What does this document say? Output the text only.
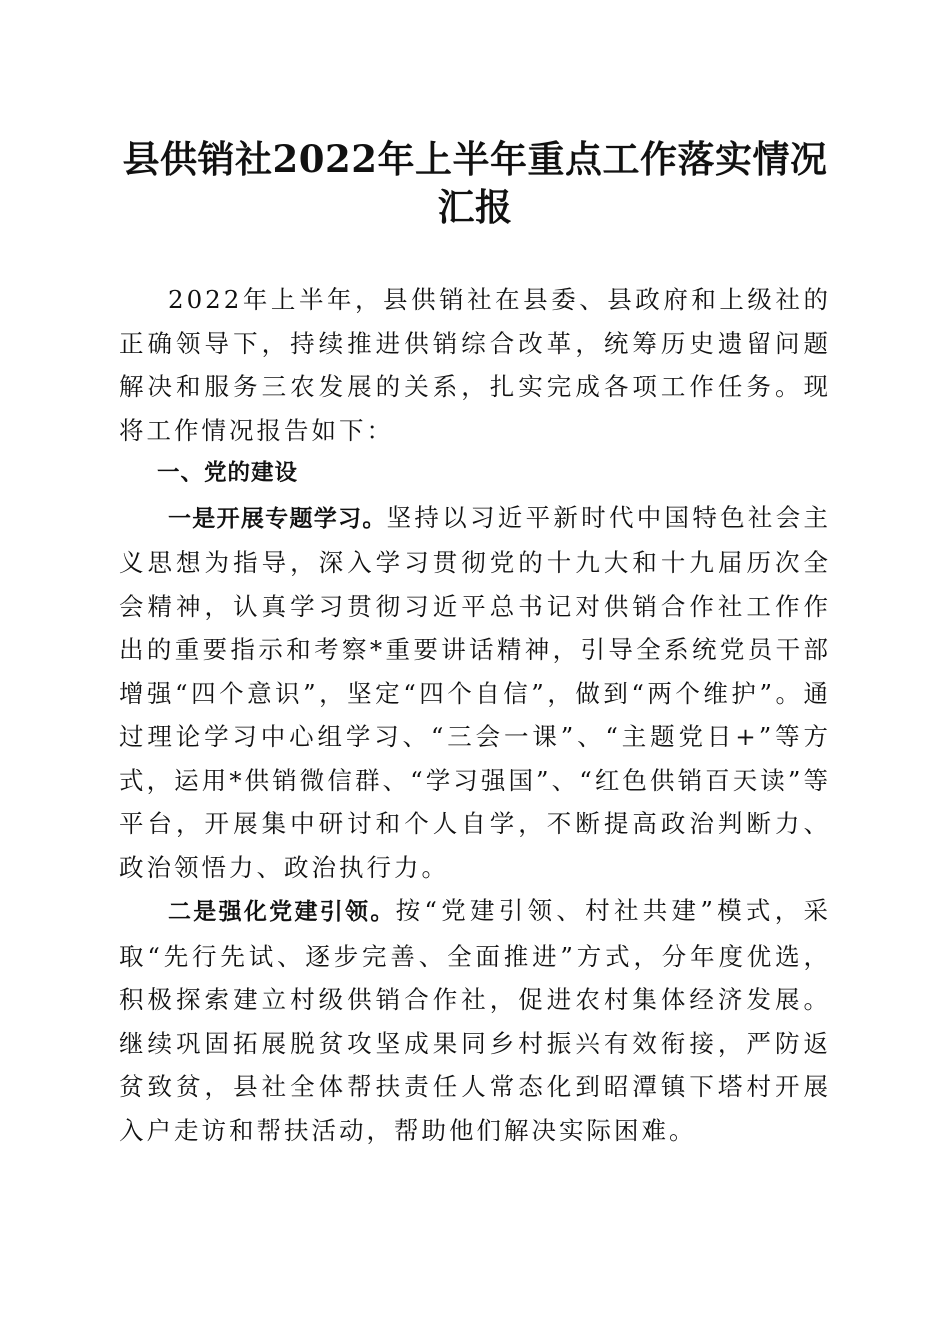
县供销社2022年上半年重点工作落实情况汇报

2022年上半年，县供销社在县委、县政府和上级社的正确领导下，持续推进供销综合改革，统筹历史遗留问题解决和服务三农发展的关系，扎实完成各项工作任务。现将工作情况报告如下：

一、党的建设

一是开展专题学习。坚持以习近平新时代中国特色社会主义思想为指导，深入学习贯彻党的十九大和十九届历次全会精神，认真学习贯彻习近平总书记对供销合作社工作作出的重要指示和考察*重要讲话精神，引导全系统党员干部增强“四个意识”，坚定“四个自信”，做到“两个维护”。通过理论学习中心组学习、“三会一课”、“主题党日+”等方式，运用*供销微信群、“学习强国”、“红色供销百天读”等平台，开展集中研讨和个人自学，不断提高政治判断力、政治领悟力、政治执行力。

二是强化党建引领。按“党建引领、村社共建”模式，采取“先行先试、逐步完善、全面推进”方式，分年度优选，积极探索建立村级供销合作社，促进农村集体经济发展。继续巩固拓展脱贫攻坚成果同乡村振兴有效衔接，严防返贫致贫，县社全体帮扶责任人常态化到昭潭镇下塔村开展入户走访和帮扶活动，帮助他们解决实际困难。
